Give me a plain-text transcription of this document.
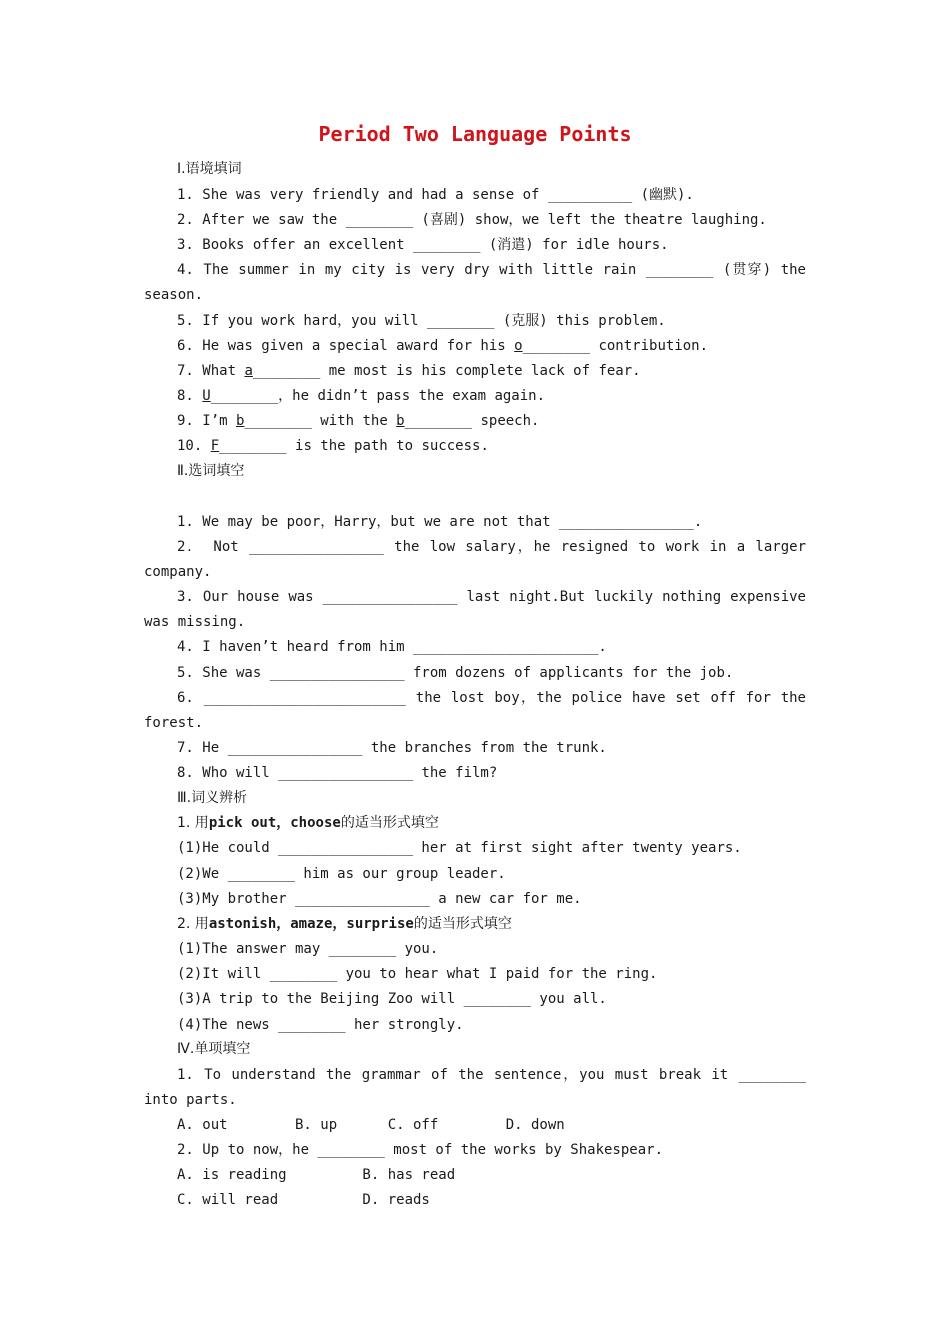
Period Two Language Points
Ⅰ.语境填词
1. She was very friendly and had a sense of __________ (幽默).
2. After we saw the ________ (喜剧) show，we left the theatre laughing.
3. Books offer an excellent ________ (消遣) for idle hours.
4. The summer in my city is very dry with little rain ________ (贯穿) the
season.
5. If you work hard，you will ________ (克服) this problem.
6. He was given a special award for his o________ contribution.
7. What a________ me most is his complete lack of fear.
8. U________，he didn’t pass the exam again.
9. I’m b________ with the b________ speech.
10. F________ is the path to success.
Ⅱ.选词填空
1. We may be poor，Harry，but we are not that ________________.
2． Not ________________ the low salary，he resigned to work in a larger
company.
3. Our house was ________________ last night.But luckily nothing expensive
was missing.
4. I haven’t heard from him ______________________.
5. She was ________________ from dozens of applicants for the job.
6. ________________________ the lost boy，the police have set off for the
forest.
7. He ________________ the branches from the trunk.
8. Who will ________________ the film?
Ⅲ.词义辨析
1. 用pick out，choose的适当形式填空
(1)He could ________________ her at first sight after twenty years.
(2)We ________ him as our group leader.
(3)My brother ________________ a new car for me.
2. 用astonish，amaze，surprise的适当形式填空
(1)The answer may ________ you.
(2)It will ________ you to hear what I paid for the ring.
(3)A trip to the Beijing Zoo will ________ you all.
(4)The news ________ her strongly.
Ⅳ.单项填空
1. To understand the grammar of the sentence，you must break it ________
into parts.
A. out        B. up      C. off        D. down
2. Up to now，he ________ most of the works by Shakespear.
A. is reading         B. has read
C. will read          D. reads
